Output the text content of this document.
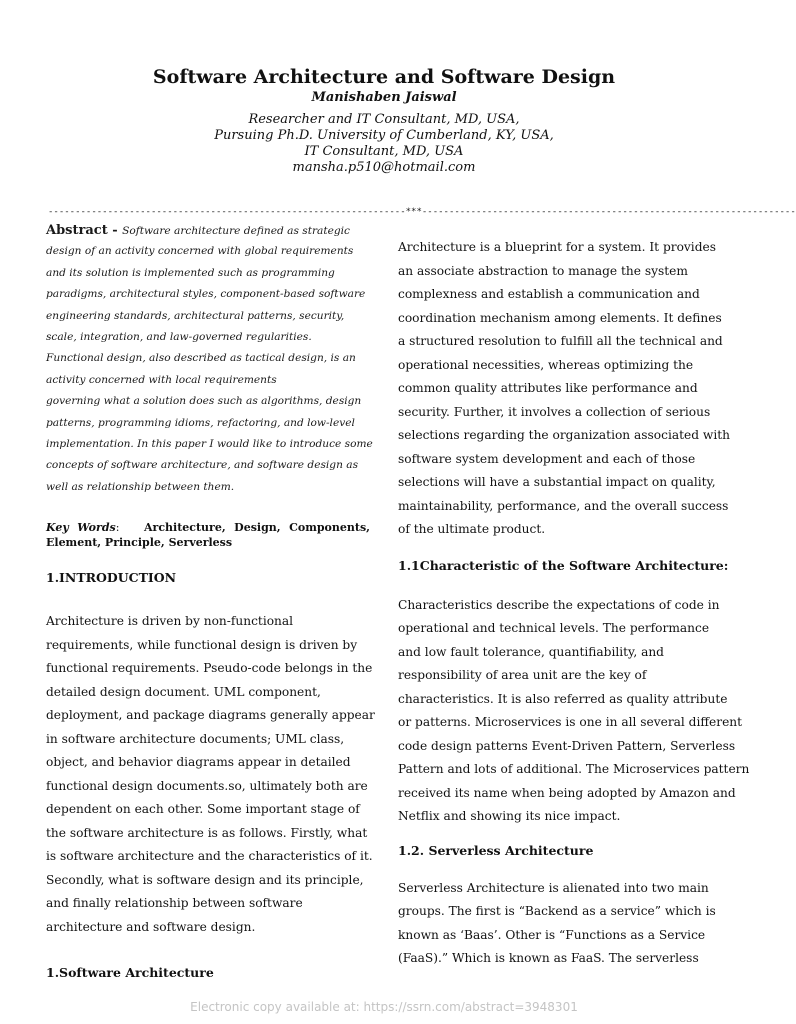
Software Architecture and Software Design
Manishaben Jaiswal
Researcher and IT Consultant, MD, USA,
Pursuing Ph.D. University of Cumberland, KY, USA,
IT Consultant, MD, USA
mansha.p510@hotmail.com
------------------------------------------------------------------***---------------------------------------------------------------------
Abstract - Software architecture defined as strategic
design of an activity concerned with global requirements
and its solution is implemented such as programming
paradigms, architectural styles, component-based software
engineering standards, architectural patterns, security,
scale, integration, and law-governed regularities.
Functional design, also described as tactical design, is an
activity concerned with local requirements
governing what a solution does such as algorithms, design
patterns, programming idioms, refactoring, and low-level
implementation. In this paper I would like to introduce some
concepts of software architecture, and software design as
well as relationship between them.
Key Words: Architecture, Design, Components, Element, Principle, Serverless
1.INTRODUCTION
Architecture is driven by non-functional
requirements, while functional design is driven by
functional requirements. Pseudo-code belongs in the
detailed design document. UML component,
deployment, and package diagrams generally appear
in software architecture documents; UML class,
object, and behavior diagrams appear in detailed
functional design documents.so, ultimately both are
dependent on each other. Some important stage of
the software architecture is as follows. Firstly, what
is software architecture and the characteristics of it.
Secondly, what is software design and its principle,
and finally relationship between software
architecture and software design.
1.Software Architecture
Architecture is a blueprint for a system. It provides
an associate abstraction to manage the system
complexness and establish a communication and
coordination mechanism among elements. It defines
a structured resolution to fulfill all the technical and
operational necessities, whereas optimizing the
common quality attributes like performance and
security. Further, it involves a collection of serious
selections regarding the organization associated with
software system development and each of those
selections will have a substantial impact on quality,
maintainability, performance, and the overall success
of the ultimate product.
1.1Characteristic of the Software Architecture:
Characteristics describe the expectations of code in
operational and technical levels. The performance
and low fault tolerance, quantifiability, and
responsibility of area unit are the key of
characteristics. It is also referred as quality attribute
or patterns. Microservices is one in all several different
code design patterns Event-Driven Pattern, Serverless
Pattern and lots of additional. The Microservices pattern
received its name when being adopted by Amazon and
Netflix and showing its nice impact.
1.2. Serverless Architecture
Serverless Architecture is alienated into two main
groups. The first is “Backend as a service” which is
known as ‘Baas’. Other is “Functions as a Service
(FaaS).” Which is known as FaaS. The serverless
Electronic copy available at: https://ssrn.com/abstract=3948301
